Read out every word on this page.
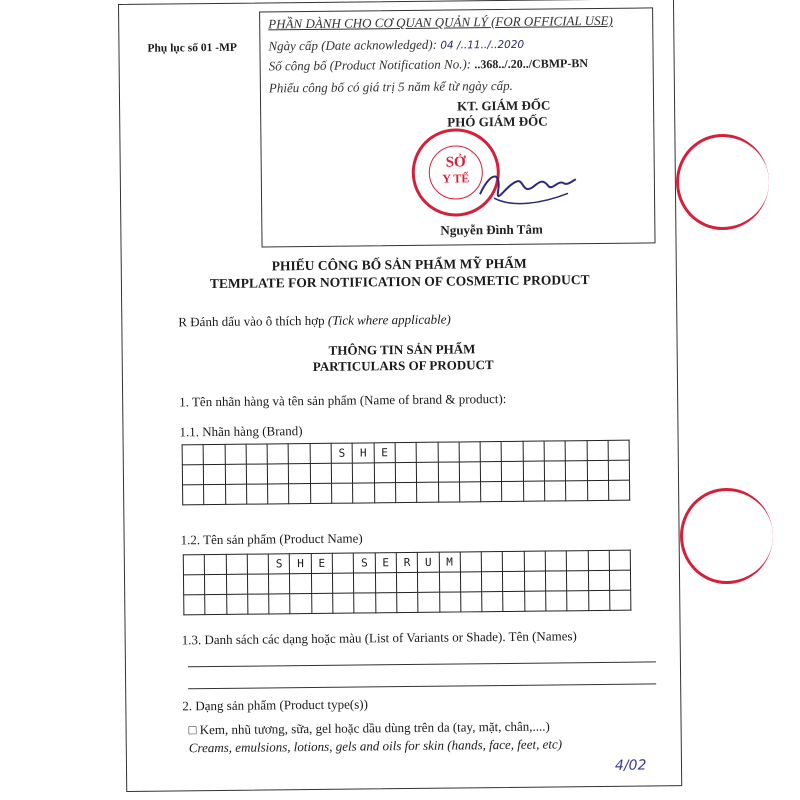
Phụ lục số 01 -MP
PHẦN DÀNH CHO CƠ QUAN QUẢN LÝ (FOR OFFICIAL USE)
Ngày cấp (Date acknowledged): 04 /..11../..2020
Số công bố (Product Notification No.): ..368../.20../CBMP-BN
Phiếu công bố có giá trị 5 năm kể từ ngày cấp.
KT. GIÁM ĐỐC
PHÓ GIÁM ĐỐC
SỞ
Y TẾ
Nguyễn Đình Tâm
PHIẾU CÔNG BỐ SẢN PHẨM MỸ PHẨM
TEMPLATE FOR NOTIFICATION OF COSMETIC PRODUCT
R Đánh dấu vào ô thích hợp (Tick where applicable)
THÔNG TIN SẢN PHẨM
PARTICULARS OF PRODUCT
1. Tên nhãn hàng và tên sản phẩm (Name of brand & product):
1.1. Nhãn hàng (Brand)
							S	H	E											

1.2. Tên sản phẩm (Product Name)
				S	H	E		S	E	R	U	M								

1.3. Danh sách các dạng hoặc màu (List of Variants or Shade). Tên (Names)
2. Dạng sản phẩm (Product type(s))
□ Kem, nhũ tương, sữa, gel hoặc dầu dùng trên da (tay, mặt, chân,....)
Creams, emulsions, lotions, gels and oils for skin (hands, face, feet, etc)
4/02
